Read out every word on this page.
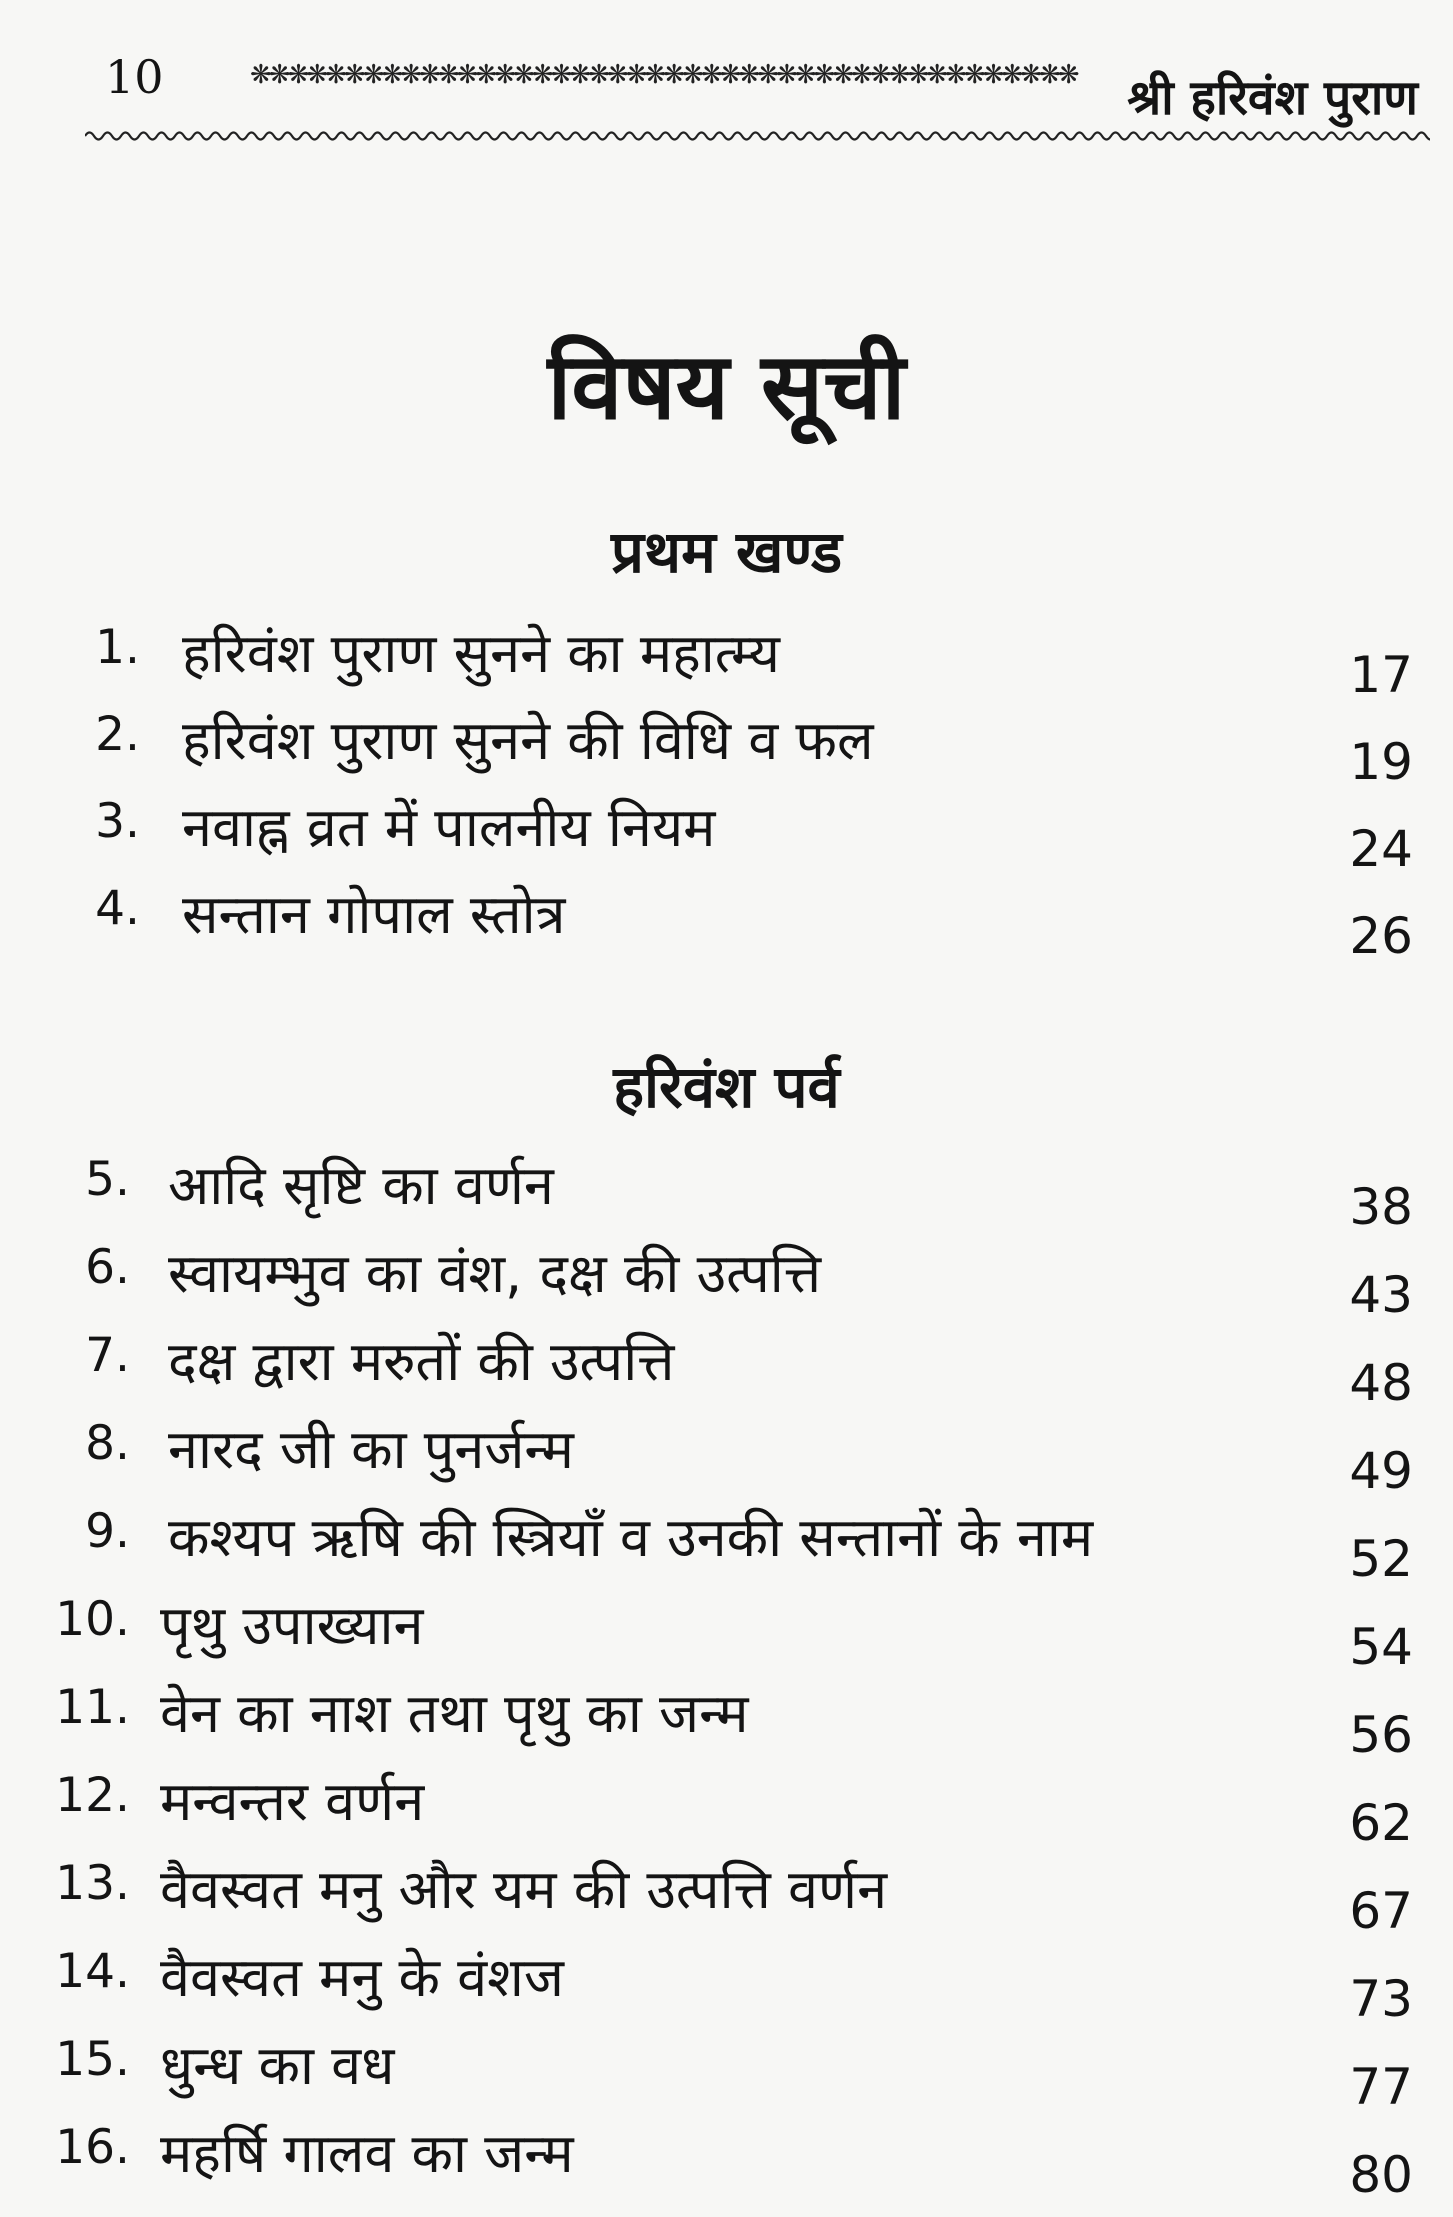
10	❋❋❋❋❋❋❋❋❋❋❋❋❋❋❋❋❋❋❋❋❋❋❋❋❋❋❋❋❋❋❋❋❋❋❋❋❋❋❋❋❋❋❋❋ श्री हरिवंश पुराण
विषय सूची
प्रथम खण्ड
1. हरिवंश पुराण सुनने का महात्म्य	17
2. हरिवंश पुराण सुनने की विधि व फल	19
3. नवाह्न व्रत में पालनीय नियम	24
4. सन्तान गोपाल स्तोत्र	26
हरिवंश पर्व
5. आदि सृष्टि का वर्णन	38
6. स्वायम्भुव का वंश, दक्ष की उत्पत्ति	43
7. दक्ष द्वारा मरुतों की उत्पत्ति	48
8. नारद जी का पुनर्जन्म	49
9. कश्यप ऋषि की स्त्रियाँ व उनकी सन्तानों के नाम	52
10. पृथु उपाख्यान	54
11. वेन का नाश तथा पृथु का जन्म	56
12. मन्वन्तर वर्णन	62
13. वैवस्वत मनु और यम की उत्पत्ति वर्णन	67
14. वैवस्वत मनु के वंशज	73
15. धुन्ध का वध	77
16. महर्षि गालव का जन्म	80
